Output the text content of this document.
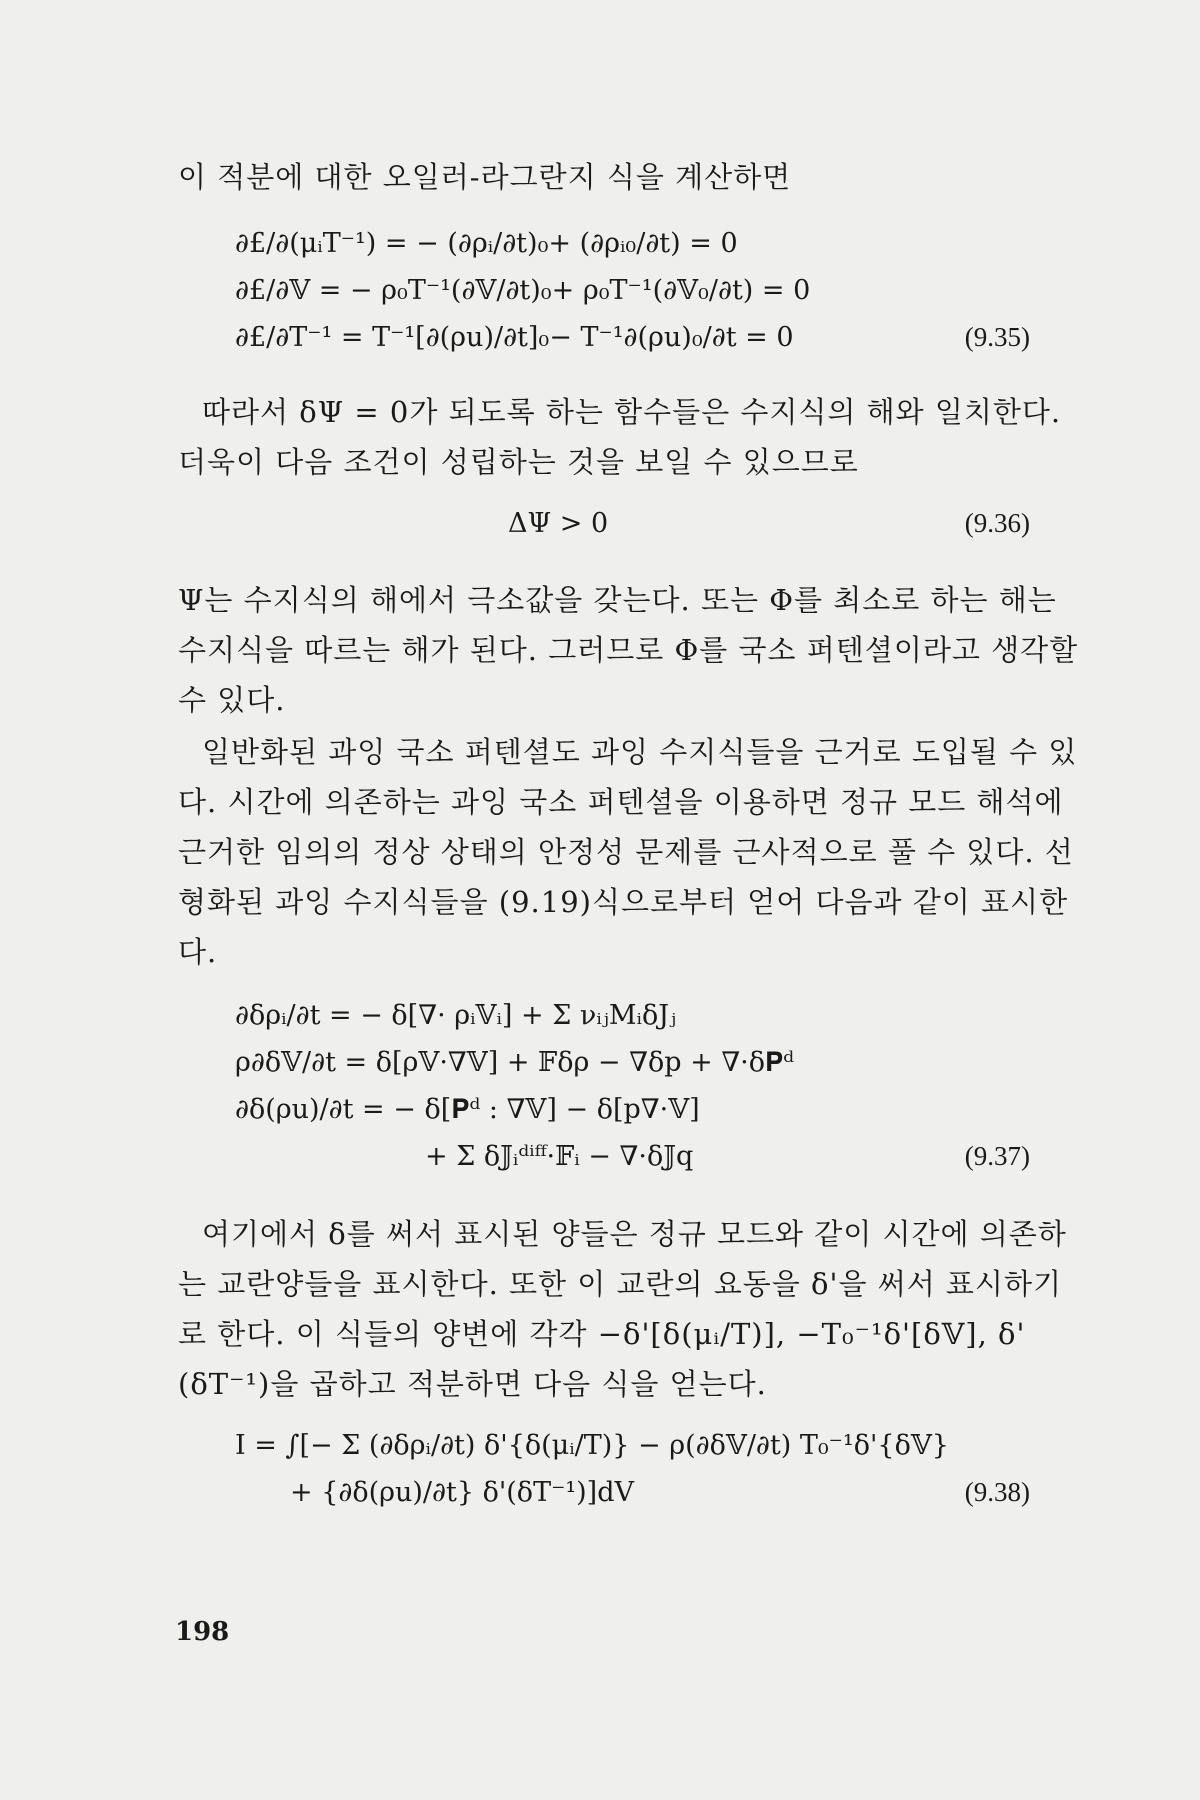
이 적분에 대한 오일러-라그란지 식을 계산하면
∂£/∂(μᵢT⁻¹) = − (∂ρᵢ/∂t)₀+ (∂ρᵢ₀/∂t) = 0
∂£/∂𝕍 = − ρ₀T⁻¹(∂𝕍/∂t)₀+ ρ₀T⁻¹(∂𝕍₀/∂t) = 0
∂£/∂T⁻¹ = T⁻¹[∂(ρu)/∂t]₀− T⁻¹∂(ρu)₀/∂t = 0	(9.35)
따라서 δΨ = 0가 되도록 하는 함수들은 수지식의 해와 일치한다.
더욱이 다음 조건이 성립하는 것을 보일 수 있으므로
ΔΨ > 0	(9.36)
Ψ는 수지식의 해에서 극소값을 갖는다. 또는 Φ를 최소로 하는 해는
수지식을 따르는 해가 된다. 그러므로 Φ를 국소 퍼텐셜이라고 생각할
수 있다.
일반화된 과잉 국소 퍼텐셜도 과잉 수지식들을 근거로 도입될 수 있
다. 시간에 의존하는 과잉 국소 퍼텐셜을 이용하면 정규 모드 해석에
근거한 임의의 정상 상태의 안정성 문제를 근사적으로 풀 수 있다. 선
형화된 과잉 수지식들을 (9.19)식으로부터 얻어 다음과 같이 표시한
다.
∂δρᵢ/∂t = − δ[∇· ρᵢ𝕍ᵢ] + Σ νᵢⱼMᵢδJⱼ
ρ∂δ𝕍/∂t = δ[ρ𝕍·∇𝕍] + 𝔽δρ − ∇δp + ∇·δ𝐏ᵈ
∂δ(ρu)/∂t = − δ[𝐏ᵈ : ∇𝕍] − δ[p∇·𝕍]
+ Σ δ𝕁ᵢᵈⁱᶠᶠ·𝔽ᵢ − ∇·δ𝕁q	(9.37)
여기에서 δ를 써서 표시된 양들은 정규 모드와 같이 시간에 의존하
는 교란양들을 표시한다. 또한 이 교란의 요동을 δ'을 써서 표시하기
로 한다. 이 식들의 양변에 각각 −δ'[δ(μᵢ/T)], −T₀⁻¹δ'[δ𝕍], δ'
(δT⁻¹)을 곱하고 적분하면 다음 식을 얻는다.
I = ∫[− Σ (∂δρᵢ/∂t) δ'{δ(μᵢ/T)} − ρ(∂δ𝕍/∂t) T₀⁻¹δ'{δ𝕍}
+ {∂δ(ρu)/∂t} δ'(δT⁻¹)]dV	(9.38)
198
